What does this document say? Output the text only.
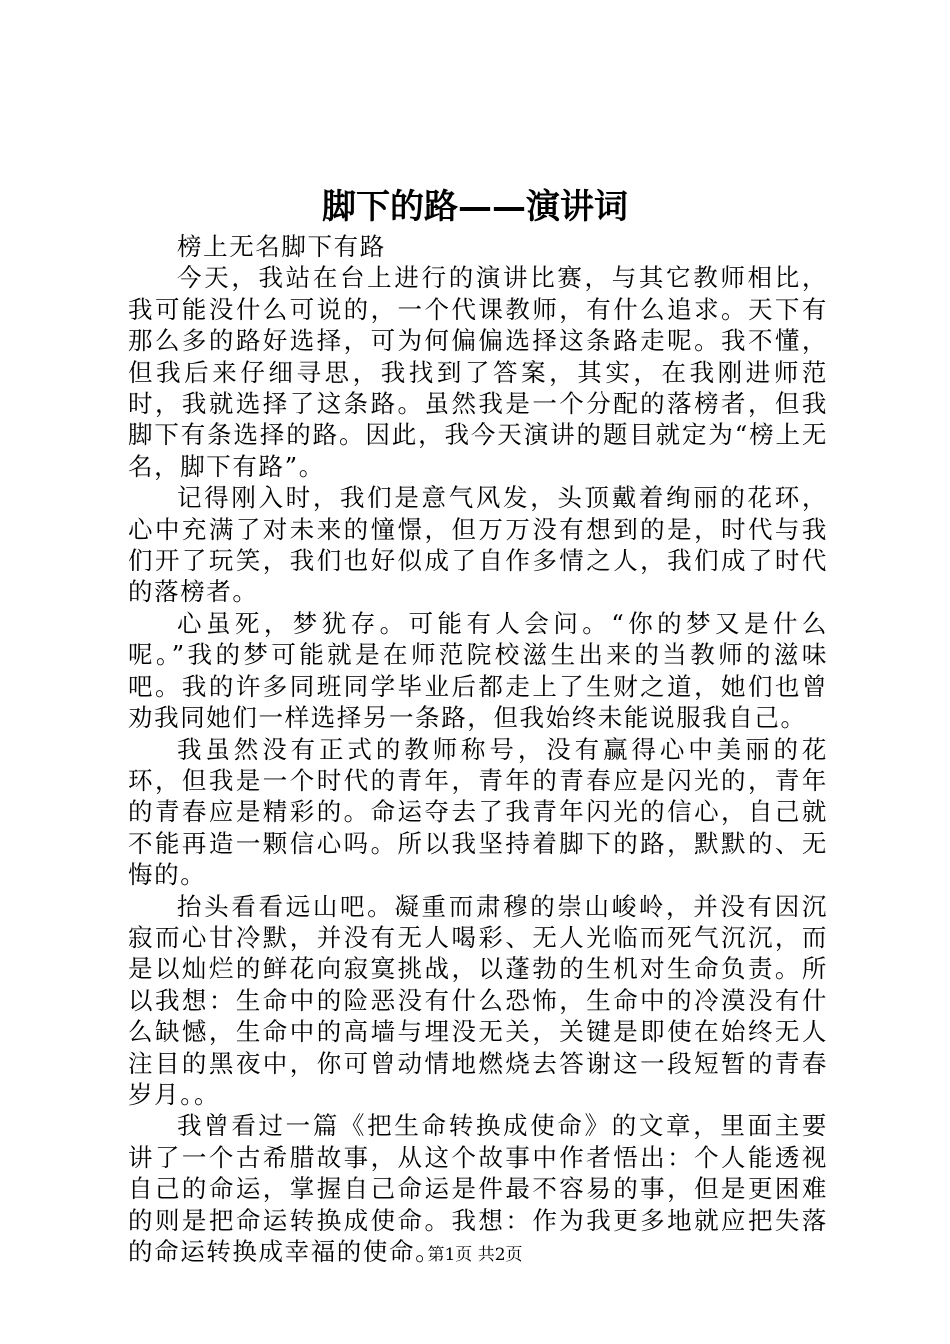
脚下的路——演讲词

榜上无名脚下有路

今天，我站在台上进行的演讲比赛，与其它教师相比，我可能没什么可说的，一个代课教师，有什么追求。天下有那么多的路好选择，可为何偏偏选择这条路走呢。我不懂，但我后来仔细寻思，我找到了答案，其实，在我刚进师范时，我就选择了这条路。虽然我是一个分配的落榜者，但我脚下有条选择的路。因此，我今天演讲的题目就定为“榜上无名，脚下有路”。

记得刚入时，我们是意气风发，头顶戴着绚丽的花环，心中充满了对未来的憧憬，但万万没有想到的是，时代与我们开了玩笑，我们也好似成了自作多情之人，我们成了时代的落榜者。

心虽死，梦犹存。可能有人会问。“你的梦又是什么呢。”我的梦可能就是在师范院校滋生出来的当教师的滋味吧。我的许多同班同学毕业后都走上了生财之道，她们也曾劝我同她们一样选择另一条路，但我始终未能说服我自己。

我虽然没有正式的教师称号，没有赢得心中美丽的花环，但我是一个时代的青年，青年的青春应是闪光的，青年的青春应是精彩的。命运夺去了我青年闪光的信心，自己就不能再造一颗信心吗。所以我坚持着脚下的路，默默的、无悔的。

抬头看看远山吧。凝重而肃穆的崇山峻岭，并没有因沉寂而心甘冷默，并没有无人喝彩、无人光临而死气沉沉，而是以灿烂的鲜花向寂寞挑战，以蓬勃的生机对生命负责。所以我想：生命中的险恶没有什么恐怖，生命中的冷漠没有什么缺憾，生命中的高墙与埋没无关，关键是即使在始终无人注目的黑夜中，你可曾动情地燃烧去答谢这一段短暂的青春岁月。。

我曾看过一篇《把生命转换成使命》的文章，里面主要讲了一个古希腊故事，从这个故事中作者悟出：个人能透视自己的命运，掌握自己命运是件最不容易的事，但是更困难的则是把命运转换成使命。我想：作为我更多地就应把失落的命运转换成幸福的使命。

第1页 共2页
